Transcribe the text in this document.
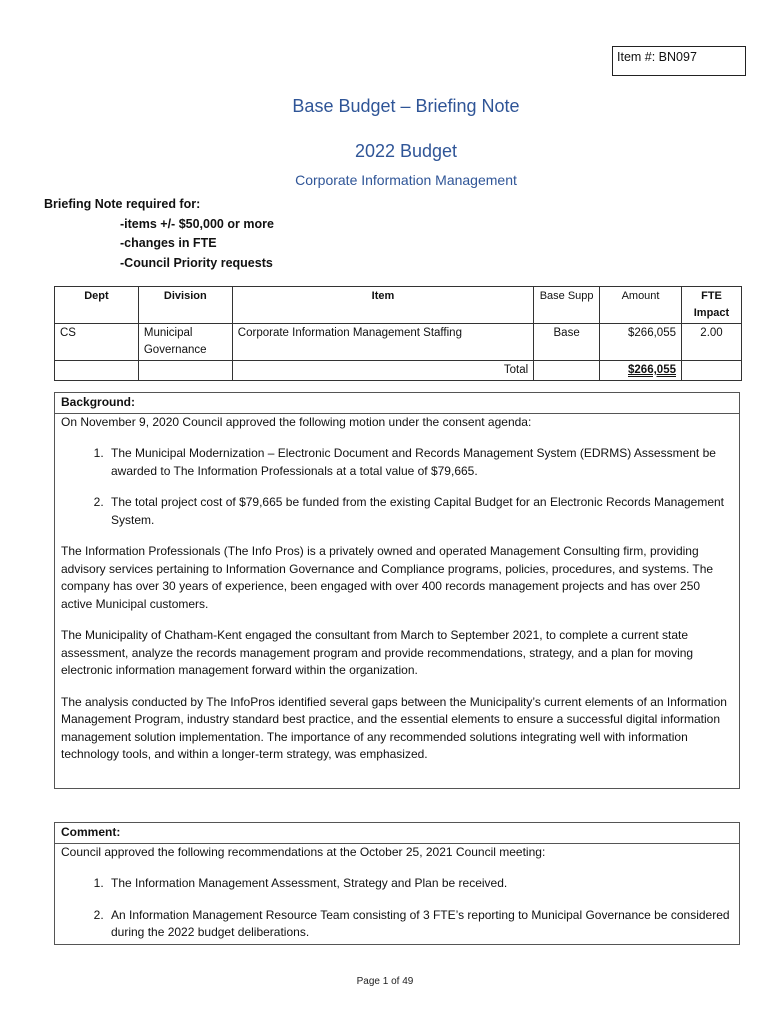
Item #: BN097
Base Budget – Briefing Note
2022 Budget
Corporate Information Management
Briefing Note required for:
-items +/- $50,000 or more
-changes in FTE
-Council Priority requests
Dept	Division	Item	Base Supp	Amount	FTE Impact
CS	Municipal Governance	Corporate Information Management Staffing	Base	$266,055	2.00
		Total		$266,055	
Background:

On November 9, 2020 Council approved the following motion under the consent agenda:

1. The Municipal Modernization – Electronic Document and Records Management System (EDRMS) Assessment be awarded to The Information Professionals at a total value of $79,665.
2. The total project cost of $79,665 be funded from the existing Capital Budget for an Electronic Records Management System.

The Information Professionals (The Info Pros) is a privately owned and operated Management Consulting firm, providing advisory services pertaining to Information Governance and Compliance programs, policies, procedures, and systems. The company has over 30 years of experience, been engaged with over 400 records management projects and has over 250 active Municipal customers.

The Municipality of Chatham-Kent engaged the consultant from March to September 2021, to complete a current state assessment, analyze the records management program and provide recommendations, strategy, and a plan for moving electronic information management forward within the organization.

The analysis conducted by The InfoPros identified several gaps between the Municipality’s current elements of an Information Management Program, industry standard best practice, and the essential elements to ensure a successful digital information management solution implementation. The importance of any recommended solutions integrating well with information technology tools, and within a longer-term strategy, was emphasized.

Comment:

Council approved the following recommendations at the October 25, 2021 Council meeting:

1. The Information Management Assessment, Strategy and Plan be received.
2. An Information Management Resource Team consisting of 3 FTE’s reporting to Municipal Governance be considered during the 2022 budget deliberations.
Page 1 of 49
